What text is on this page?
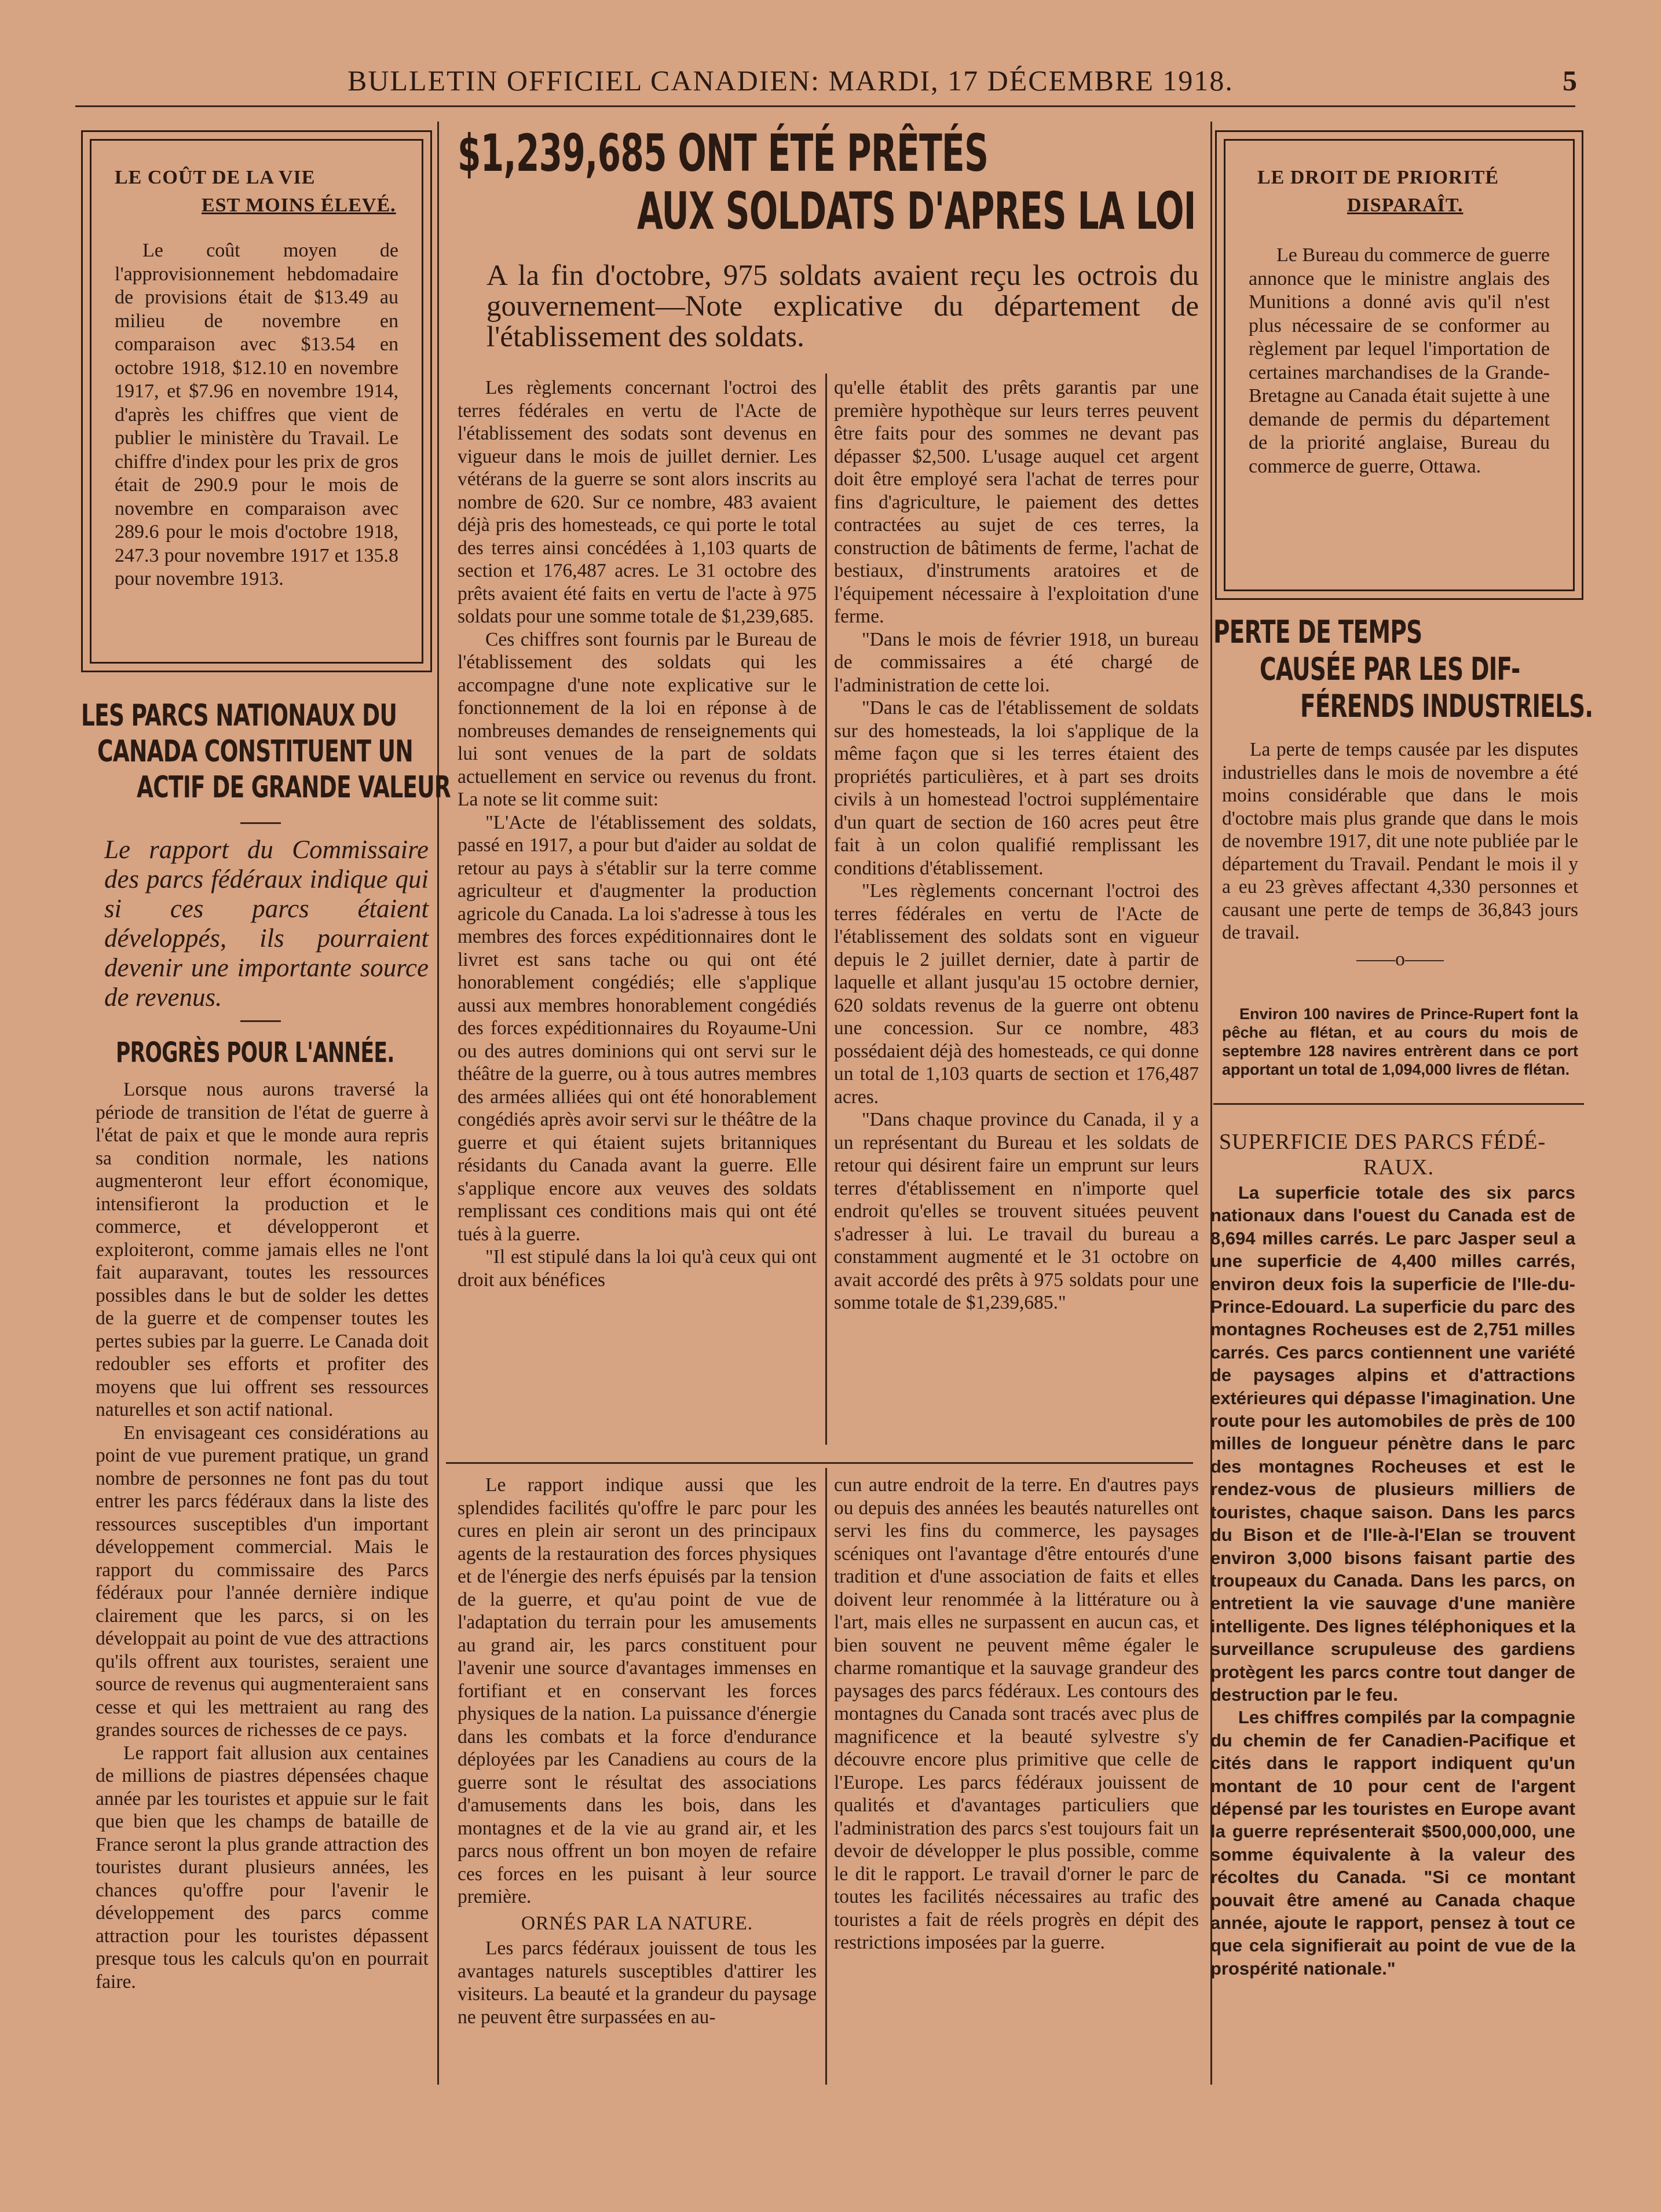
BULLETIN OFFICIEL CANADIEN: MARDI, 17 DÉCEMBRE 1918.	5
LE COÛT DE LA VIE
EST MOINS ÉLEVÉ.

Le coût moyen de l'approvisionnement hebdomadaire de provisions était de $13.49 au milieu de novembre en comparaison avec $13.54 en octobre 1918, $12.10 en novembre 1917, et $7.96 en novembre 1914, d'après les chiffres que vient de publier le ministère du Travail. Le chiffre d'index pour les prix de gros était de 290.9 pour le mois de novembre en comparaison avec 289.6 pour le mois d'octobre 1918, 247.3 pour novembre 1917 et 135.8 pour novembre 1913.

LES PARCS NATIONAUX DU
CANADA CONSTITUENT UN
ACTIF DE GRANDE VALEUR

Le rapport du Commissaire des parcs fédéraux indique qui si ces parcs étaient développés, ils pourraient devenir une importante source de revenus.

PROGRÈS POUR L'ANNÉE.

Lorsque nous aurons traversé la période de transition de l'état de guerre à l'état de paix et que le monde aura repris sa condition normale, les nations augmenteront leur effort économique, intensifieront la production et le commerce, et développeront et exploiteront, comme jamais elles ne l'ont fait auparavant, toutes les ressources possibles dans le but de solder les dettes de la guerre et de compenser toutes les pertes subies par la guerre. Le Canada doit redoubler ses efforts et profiter des moyens que lui offrent ses ressources naturelles et son actif national.

En envisageant ces considérations au point de vue purement pratique, un grand nombre de personnes ne font pas du tout entrer les parcs fédéraux dans la liste des ressources susceptibles d'un important développement commercial. Mais le rapport du commissaire des Parcs fédéraux pour l'année dernière indique clairement que les parcs, si on les développait au point de vue des attractions qu'ils offrent aux touristes, seraient une source de revenus qui augmenteraient sans cesse et qui les mettraient au rang des grandes sources de richesses de ce pays.

Le rapport fait allusion aux centaines de millions de piastres dépensées chaque année par les touristes et appuie sur le fait que bien que les champs de bataille de France seront la plus grande attraction des touristes durant plusieurs années, les chances qu'offre pour l'avenir le développement des parcs comme attraction pour les touristes dépassent presque tous les calculs qu'on en pourrait faire.

$1,239,685 ONT ÉTÉ PRÊTÉS
AUX SOLDATS D'APRES LA LOI

A la fin d'octobre, 975 soldats avaient reçu les octrois du gouvernement—Note explicative du département de l'établissement des soldats.

Les règlements concernant l'octroi des terres fédérales en vertu de l'Acte de l'établissement des sodats sont devenus en vigueur dans le mois de juillet dernier. Les vétérans de la guerre se sont alors inscrits au nombre de 620. Sur ce nombre, 483 avaient déjà pris des homesteads, ce qui porte le total des terres ainsi concédées à 1,103 quarts de section et 176,487 acres. Le 31 octobre des prêts avaient été faits en vertu de l'acte à 975 soldats pour une somme totale de $1,239,685.

Ces chiffres sont fournis par le Bureau de l'établissement des soldats qui les accompagne d'une note explicative sur le fonctionnement de la loi en réponse à de nombreuses demandes de renseignements qui lui sont venues de la part de soldats actuellement en service ou revenus du front. La note se lit comme suit:

"L'Acte de l'établissement des soldats, passé en 1917, a pour but d'aider au soldat de retour au pays à s'établir sur la terre comme agriculteur et d'augmenter la production agricole du Canada. La loi s'adresse à tous les membres des forces expéditionnaires dont le livret est sans tache ou qui ont été honorablement congédiés; elle s'applique aussi aux membres honorablement congédiés des forces expéditionnaires du Royaume-Uni ou des autres dominions qui ont servi sur le théâtre de la guerre, ou à tous autres membres des armées alliées qui ont été honorablement congédiés après avoir servi sur le théâtre de la guerre et qui étaient sujets britanniques résidants du Canada avant la guerre. Elle s'applique encore aux veuves des soldats remplissant ces conditions mais qui ont été tués à la guerre.

"Il est stipulé dans la loi qu'à ceux qui ont droit aux bénéfices

qu'elle établit des prêts garantis par une première hypothèque sur leurs terres peuvent être faits pour des sommes ne devant pas dépasser $2,500. L'usage auquel cet argent doit être employé sera l'achat de terres pour fins d'agriculture, le paiement des dettes contractées au sujet de ces terres, la construction de bâtiments de ferme, l'achat de bestiaux, d'instruments aratoires et de l'équipement nécessaire à l'exploitation d'une ferme.

"Dans le mois de février 1918, un bureau de commissaires a été chargé de l'administration de cette loi.

"Dans le cas de l'établissement de soldats sur des homesteads, la loi s'applique de la même façon que si les terres étaient des propriétés particulières, et à part ses droits civils à un homestead l'octroi supplémentaire d'un quart de section de 160 acres peut être fait à un colon qualifié remplissant les conditions d'établissement.

"Les règlements concernant l'octroi des terres fédérales en vertu de l'Acte de l'établissement des soldats sont en vigueur depuis le 2 juillet dernier, date à partir de laquelle et allant jusqu'au 15 octobre dernier, 620 soldats revenus de la guerre ont obtenu une concession. Sur ce nombre, 483 possédaient déjà des homesteads, ce qui donne un total de 1,103 quarts de section et 176,487 acres.

"Dans chaque province du Canada, il y a un représentant du Bureau et les soldats de retour qui désirent faire un emprunt sur leurs terres d'établissement en n'importe quel endroit qu'elles se trouvent situées peuvent s'adresser à lui. Le travail du bureau a constamment augmenté et le 31 octobre on avait accordé des prêts à 975 soldats pour une somme totale de $1,239,685."

Le rapport indique aussi que les splendides facilités qu'offre le parc pour les cures en plein air seront un des principaux agents de la restauration des forces physiques et de l'énergie des nerfs épuisés par la tension de la guerre, et qu'au point de vue de l'adaptation du terrain pour les amusements au grand air, les parcs constituent pour l'avenir une source d'avantages immenses en fortifiant et en conservant les forces physiques de la nation. La puissance d'énergie dans les combats et la force d'endurance déployées par les Canadiens au cours de la guerre sont le résultat des associations d'amusements dans les bois, dans les montagnes et de la vie au grand air, et les parcs nous offrent un bon moyen de refaire ces forces en les puisant à leur source première.

ORNÉS PAR LA NATURE.

Les parcs fédéraux jouissent de tous les avantages naturels susceptibles d'attirer les visiteurs. La beauté et la grandeur du paysage ne peuvent être surpassées en au-

cun autre endroit de la terre. En d'autres pays ou depuis des années les beautés naturelles ont servi les fins du commerce, les paysages scéniques ont l'avantage d'être entourés d'une tradition et d'une association de faits et elles doivent leur renommée à la littérature ou à l'art, mais elles ne surpassent en aucun cas, et bien souvent ne peuvent même égaler le charme romantique et la sauvage grandeur des paysages des parcs fédéraux. Les contours des montagnes du Canada sont tracés avec plus de magnificence et la beauté sylvestre s'y découvre encore plus primitive que celle de l'Europe. Les parcs fédéraux jouissent de qualités et d'avantages particuliers que l'administration des parcs s'est toujours fait un devoir de développer le plus possible, comme le dit le rapport. Le travail d'orner le parc de toutes les facilités nécessaires au trafic des touristes a fait de réels progrès en dépit des restrictions imposées par la guerre.

LE DROIT DE PRIORITÉ
DISPARAÎT.

Le Bureau du commerce de guerre annonce que le ministre anglais des Munitions a donné avis qu'il n'est plus nécessaire de se conformer au règlement par lequel l'importation de certaines marchandises de la Grande-Bretagne au Canada était sujette à une demande de permis du département de la priorité anglaise, Bureau du commerce de guerre, Ottawa.

PERTE DE TEMPS
CAUSÉE PAR LES DIF-
FÉRENDS INDUSTRIELS.

La perte de temps causée par les disputes industrielles dans le mois de novembre a été moins considérable que dans le mois d'octobre mais plus grande que dans le mois de novembre 1917, dit une note publiée par le département du Travail. Pendant le mois il y a eu 23 grèves affectant 4,330 personnes et causant une perte de temps de 36,843 jours de travail.

——o——

Environ 100 navires de Prince-Rupert font la pêche au flétan, et au cours du mois de septembre 128 navires entrèrent dans ce port apportant un total de 1,094,000 livres de flétan.

SUPERFICIE DES PARCS FÉDÉ-
RAUX.

La superficie totale des six parcs nationaux dans l'ouest du Canada est de 8,694 milles carrés. Le parc Jasper seul a une superficie de 4,400 milles carrés, environ deux fois la superficie de l'Ile-du-Prince-Edouard. La superficie du parc des montagnes Rocheuses est de 2,751 milles carrés. Ces parcs contiennent une variété de paysages alpins et d'attractions extérieures qui dépasse l'imagination. Une route pour les automobiles de près de 100 milles de longueur pénètre dans le parc des montagnes Rocheuses et est le rendez-vous de plusieurs milliers de touristes, chaque saison. Dans les parcs du Bison et de l'Ile-à-l'Elan se trouvent environ 3,000 bisons faisant partie des troupeaux du Canada. Dans les parcs, on entretient la vie sauvage d'une manière intelligente. Des lignes téléphoniques et la surveillance scrupuleuse des gardiens protègent les parcs contre tout danger de destruction par le feu.

Les chiffres compilés par la compagnie du chemin de fer Canadien-Pacifique et cités dans le rapport indiquent qu'un montant de 10 pour cent de l'argent dépensé par les touristes en Europe avant la guerre représenterait $500,000,000, une somme équivalente à la valeur des récoltes du Canada. "Si ce montant pouvait être amené au Canada chaque année, ajoute le rapport, pensez à tout ce que cela signifierait au point de vue de la prospérité nationale."
